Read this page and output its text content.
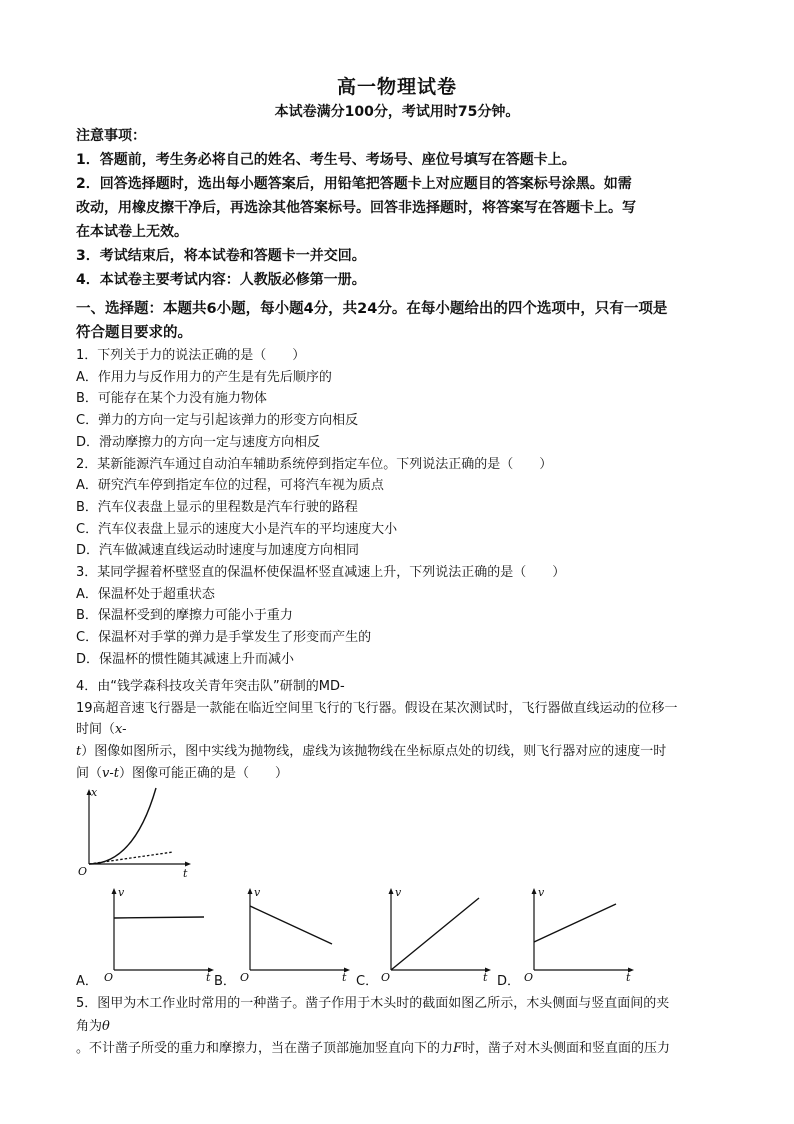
高一物理试卷
本试卷满分100分，考试用时75分钟。
注意事项：
1．答题前，考生务必将自己的姓名、考生号、考场号、座位号填写在答题卡上。
2．回答选择题时，选出每小题答案后，用铅笔把答题卡上对应题目的答案标号涂黑。如需
改动，用橡皮擦干净后，再选涂其他答案标号。回答非选择题时，将答案写在答题卡上。写
在本试卷上无效。
3．考试结束后，将本试卷和答题卡一并交回。
4．本试卷主要考试内容：人教版必修第一册。
一、选择题：本题共6小题，每小题4分，共24分。在每小题给出的四个选项中，只有一项是
符合题目要求的。
1．下列关于力的说法正确的是（　　）
A．作用力与反作用力的产生是有先后顺序的
B．可能存在某个力没有施力物体
C．弹力的方向一定与引起该弹力的形变方向相反
D．滑动摩擦力的方向一定与速度方向相反
2．某新能源汽车通过自动泊车辅助系统停到指定车位。下列说法正确的是（　　）
A．研究汽车停到指定车位的过程，可将汽车视为质点
B．汽车仪表盘上显示的里程数是汽车行驶的路程
C．汽车仪表盘上显示的速度大小是汽车的平均速度大小
D．汽车做减速直线运动时速度与加速度方向相同
3．某同学握着杯壁竖直的保温杯使保温杯竖直减速上升，下列说法正确的是（　　）
A．保温杯处于超重状态
B．保温杯受到的摩擦力可能小于重力
C．保温杯对手掌的弹力是手掌发生了形变而产生的
D．保温杯的惯性随其减速上升而减小
4．由“钱学森科技攻关青年突击队”研制的MD-
19高超音速飞行器是一款能在临近空间里飞行的飞行器。假设在某次测试时，飞行器做直线运动的位移一
时间（x-
t）图像如图所示，图中实线为抛物线，虚线为该抛物线在坐标原点处的切线，则飞行器对应的速度一时
间（v-t）图像可能正确的是（　　）
x
O	t
v
O	t
A．
v
O	t
B．
v
O	t
C．
v
O	t
D．
5．图甲为木工作业时常用的一种凿子。凿子作用于木头时的截面如图乙所示，木头侧面与竖直面间的夹
角为θ
。不计凿子所受的重力和摩擦力，当在凿子顶部施加竖直向下的力F时，凿子对木头侧面和竖直面的压力
